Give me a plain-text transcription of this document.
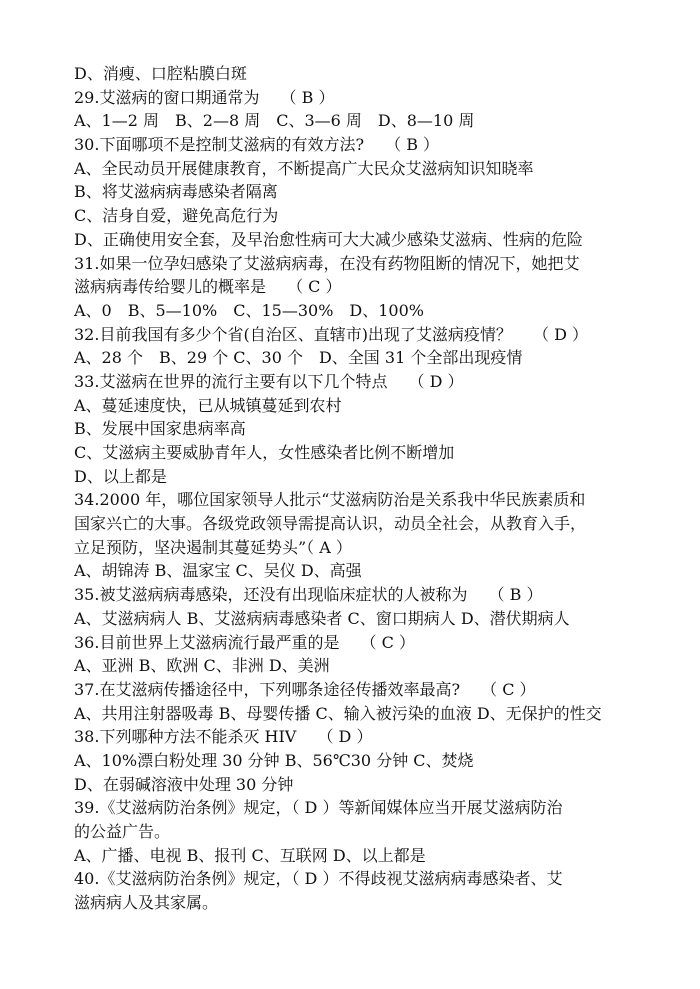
D、消瘦、口腔粘膜白斑
29.艾滋病的窗口期通常为　 （ B ）
A、1—2 周　B、2—8 周　C、3—6 周　D、8—10 周
30.下面哪项不是控制艾滋病的有效方法?　 （ B ）
A、全民动员开展健康教育，不断提高广大民众艾滋病知识知晓率
B、将艾滋病病毒感染者隔离
C、洁身自爱，避免高危行为
D、正确使用安全套，及早治愈性病可大大减少感染艾滋病、性病的危险
31.如果一位孕妇感染了艾滋病病毒，在没有药物阻断的情况下，她把艾
滋病病毒传给婴儿的概率是　 （ C ）
A、0　B、5—10%　C、15—30%　D、100%
32.目前我国有多少个省(自治区、直辖市)出现了艾滋病疫情？　 （ D ）
A、28 个　B、29 个 C、30 个　D、全国 31 个全部出现疫情
33.艾滋病在世界的流行主要有以下几个特点　 （ D ）
A、蔓延速度快，已从城镇蔓延到农村
B、发展中国家患病率高
C、艾滋病主要威胁青年人，女性感染者比例不断增加
D、以上都是
34.2000 年，哪位国家领导人批示“艾滋病防治是关系我中华民族素质和
国家兴亡的大事。各级党政领导需提高认识，动员全社会，从教育入手，
立足预防，坚决遏制其蔓延势头”（ A ）
A、胡锦涛 B、温家宝 C、吴仪 D、高强
35.被艾滋病病毒感染，还没有出现临床症状的人被称为　 （ B ）
A、艾滋病病人 B、艾滋病病毒感染者 C、窗口期病人 D、潜伏期病人
36.目前世界上艾滋病流行最严重的是　 （ C ）
A、亚洲 B、欧洲 C、非洲 D、美洲
37.在艾滋病传播途径中，下列哪条途径传播效率最高?　 （ C ）
A、共用注射器吸毒 B、母婴传播 C、输入被污染的血液 D、无保护的性交
38.下列哪种方法不能杀灭 HIV　 （ D ）
A、10%漂白粉处理 30 分钟 B、56℃30 分钟 C、焚烧
D、在弱碱溶液中处理 30 分钟
39.《艾滋病防治条例》规定，（ D ）等新闻媒体应当开展艾滋病防治
的公益广告。
A、广播、电视 B、报刊 C、互联网 D、以上都是
40.《艾滋病防治条例》规定，（ D ）不得歧视艾滋病病毒感染者、艾
滋病病人及其家属。
